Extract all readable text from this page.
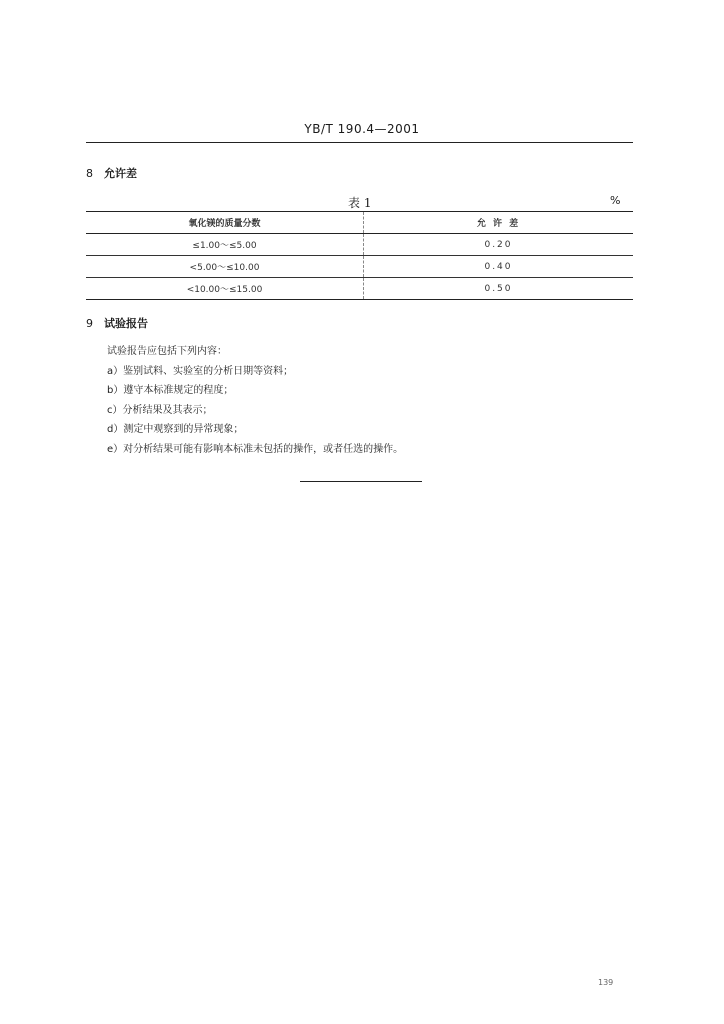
YB/T 190.4—2001
8 允许差
表 1	%
氧化镁的质量分数	允 许 差
≤1.00～≤5.00	0.20
<5.00～≤10.00	0.40
<10.00～≤15.00	0.50
9 试验报告
试验报告应包括下列内容：
a）鉴别试料、实验室的分析日期等资料；
b）遵守本标准规定的程度；
c）分析结果及其表示；
d）测定中观察到的异常现象；
e）对分析结果可能有影响本标准未包括的操作，或者任选的操作。
139
